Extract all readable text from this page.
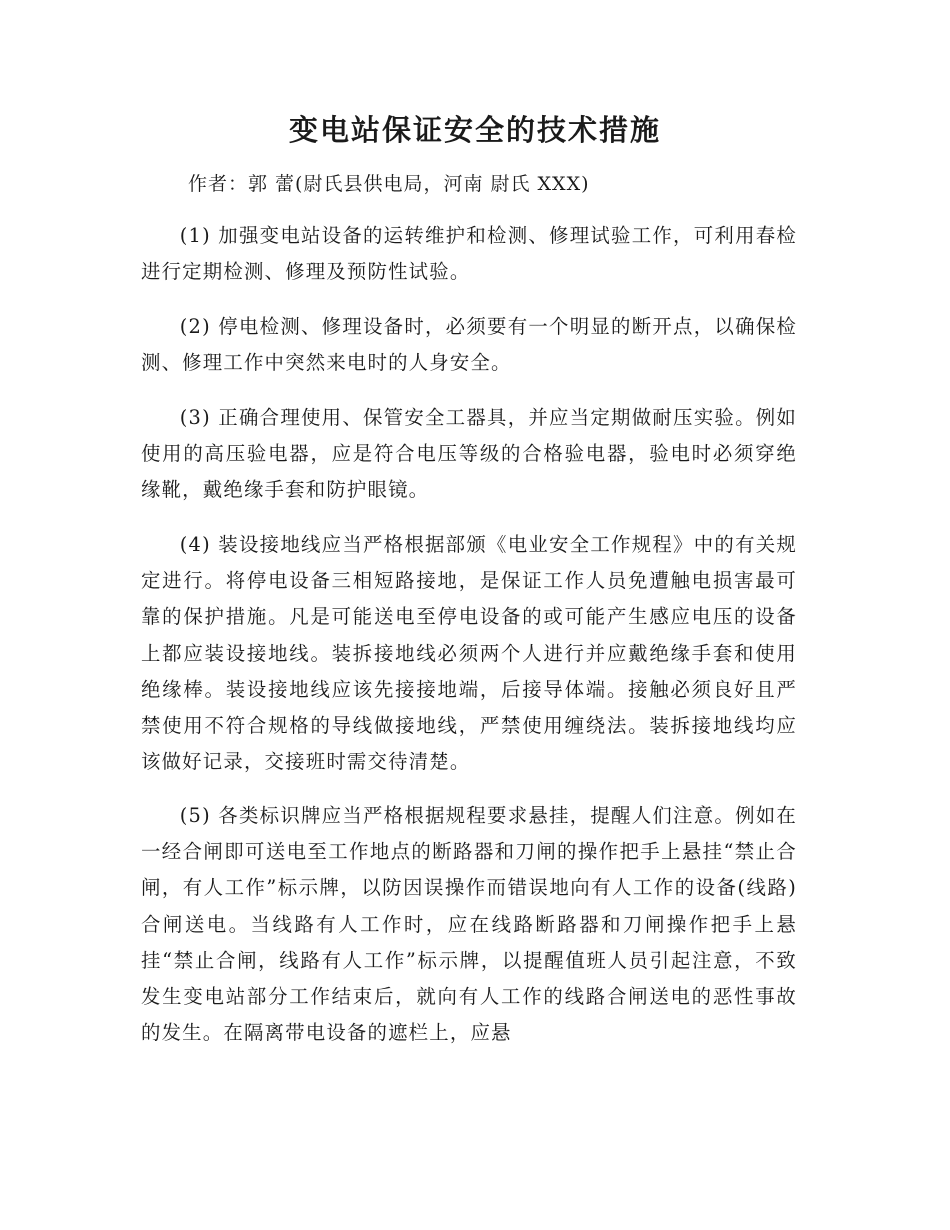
变电站保证安全的技术措施
作者：郭 蕾(尉氏县供电局，河南 尉氏 XXX)

(1) 加强变电站设备的运转维护和检测、修理试验工作，可利用春检进行定期检测、修理及预防性试验。

(2) 停电检测、修理设备时，必须要有一个明显的断开点，以确保检测、修理工作中突然来电时的人身安全。

(3) 正确合理使用、保管安全工器具，并应当定期做耐压实验。例如使用的高压验电器，应是符合电压等级的合格验电器，验电时必须穿绝缘靴，戴绝缘手套和防护眼镜。

(4) 装设接地线应当严格根据部颁《电业安全工作规程》中的有关规定进行。将停电设备三相短路接地，是保证工作人员免遭触电损害最可靠的保护措施。凡是可能送电至停电设备的或可能产生感应电压的设备上都应装设接地线。装拆接地线必须两个人进行并应戴绝缘手套和使用绝缘棒。装设接地线应该先接接地端，后接导体端。接触必须良好且严禁使用不符合规格的导线做接地线，严禁使用缠绕法。装拆接地线均应该做好记录，交接班时需交待清楚。

(5) 各类标识牌应当严格根据规程要求悬挂，提醒人们注意。例如在一经合闸即可送电至工作地点的断路器和刀闸的操作把手上悬挂“禁止合闸，有人工作”标示牌，以防因误操作而错误地向有人工作的设备(线路)合闸送电。当线路有人工作时，应在线路断路器和刀闸操作把手上悬挂“禁止合闸，线路有人工作”标示牌，以提醒值班人员引起注意，不致发生变电站部分工作结束后，就向有人工作的线路合闸送电的恶性事故的发生。在隔离带电设备的遮栏上，应悬
